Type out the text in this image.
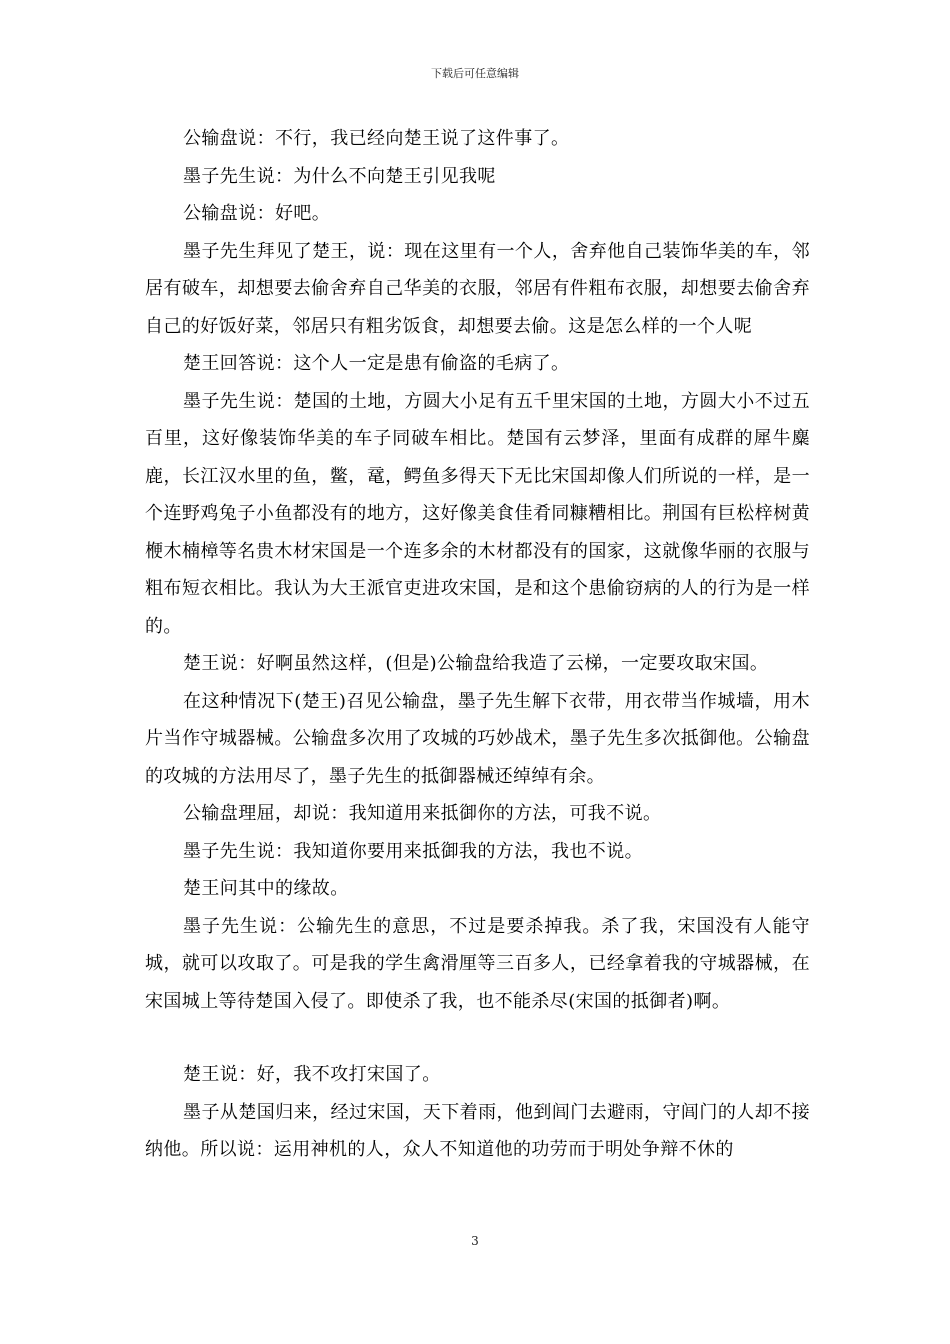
下载后可任意编辑

公输盘说：不行，我已经向楚王说了这件事了。

墨子先生说：为什么不向楚王引见我呢

公输盘说：好吧。

墨子先生拜见了楚王，说：现在这里有一个人，舍弃他自己装饰华美的车，邻居有破车，却想要去偷舍弃自己华美的衣服，邻居有件粗布衣服，却想要去偷舍弃自己的好饭好菜，邻居只有粗劣饭食，却想要去偷。这是怎么样的一个人呢

楚王回答说：这个人一定是患有偷盗的毛病了。

墨子先生说：楚国的土地，方圆大小足有五千里宋国的土地，方圆大小不过五百里，这好像装饰华美的车子同破车相比。楚国有云梦泽，里面有成群的犀牛麋鹿，长江汉水里的鱼，鳖，鼋，鳄鱼多得天下无比宋国却像人们所说的一样，是一个连野鸡兔子小鱼都没有的地方，这好像美食佳肴同糠糟相比。荆国有巨松梓树黄楩木楠樟等名贵木材宋国是一个连多余的木材都没有的国家，这就像华丽的衣服与粗布短衣相比。我认为大王派官吏进攻宋国，是和这个患偷窃病的人的行为是一样的。

楚王说：好啊虽然这样，(但是)公输盘给我造了云梯，一定要攻取宋国。

在这种情况下(楚王)召见公输盘，墨子先生解下衣带，用衣带当作城墙，用木片当作守城器械。公输盘多次用了攻城的巧妙战术，墨子先生多次抵御他。公输盘的攻城的方法用尽了，墨子先生的抵御器械还绰绰有余。

公输盘理屈，却说：我知道用来抵御你的方法，可我不说。

墨子先生说：我知道你要用来抵御我的方法，我也不说。

楚王问其中的缘故。

墨子先生说：公输先生的意思，不过是要杀掉我。杀了我，宋国没有人能守城，就可以攻取了。可是我的学生禽滑厘等三百多人，已经拿着我的守城器械，在宋国城上等待楚国入侵了。即使杀了我，也不能杀尽(宋国的抵御者)啊。

楚王说：好，我不攻打宋国了。

墨子从楚国归来，经过宋国，天下着雨，他到闾门去避雨，守闾门的人却不接纳他。所以说：运用神机的人，众人不知道他的功劳而于明处争辩不休的

3
